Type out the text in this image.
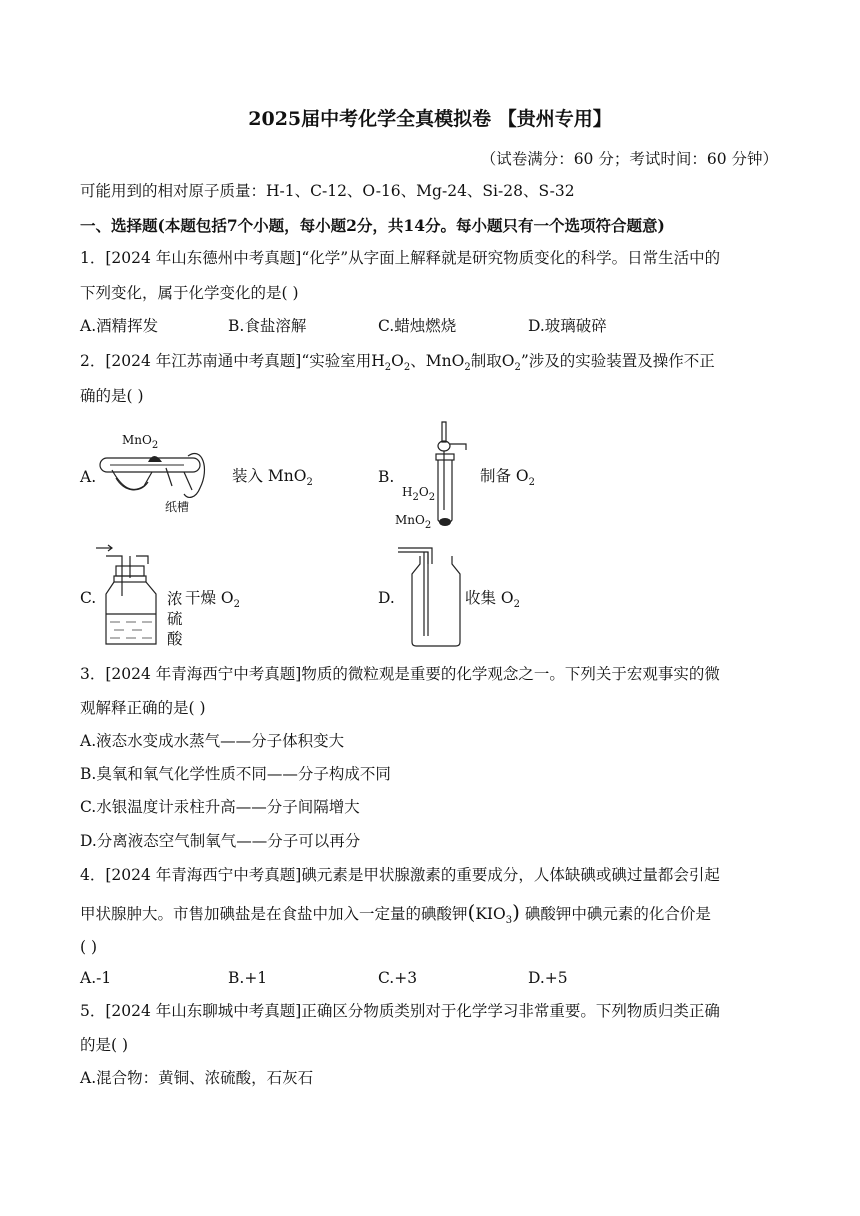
2025届中考化学全真模拟卷 【贵州专用】
（试卷满分：60 分；考试时间：60 分钟）
可能用到的相对原子质量：H-1、C-12、O-16、Mg-24、Si-28、S-32
一、选择题(本题包括7个小题，每小题2分，共14分。每小题只有一个选项符合题意)
1．[2024 年山东德州中考真题]“化学”从字面上解释就是研究物质变化的科学。日常生活中的
下列变化，属于化学变化的是( )
A.酒精挥发	B.食盐溶解	C.蜡烛燃烧	D.玻璃破碎
2．[2024 年江苏南通中考真题]“实验室用$H_2O_2$、MnO$_2$制取$O_2$”涉及的实验装置及操作不正
确的是( )
A.
MnO$_2$
纸槽
装入 MnO$_2$	B.
$H_2O_2$
MnO$_2$
制备 $O_2$
C.	浓
硫
酸
干燥 $O_2$	D.	收集 $O_2$
3．[2024 年青海西宁中考真题]物质的微粒观是重要的化学观念之一。下列关于宏观事实的微
观解释正确的是( )
A.液态水变成水蒸气——分子体积变大
B.臭氧和氧气化学性质不同——分子构成不同
C.水银温度计汞柱升高——分子间隔增大
D.分离液态空气制氧气——分子可以再分
4．[2024 年青海西宁中考真题]碘元素是甲状腺激素的重要成分，人体缺碘或碘过量都会引起
甲状腺肿大。市售加碘盐是在食盐中加入一定量的碘酸钾$(KIO_3)$ 碘酸钾中碘元素的化合价是
( )
A.-1	B.+1	C.+3	D.+5
5．[2024 年山东聊城中考真题]正确区分物质类别对于化学学习非常重要。下列物质归类正确
的是( )
A.混合物：黄铜、浓硫酸，石灰石
